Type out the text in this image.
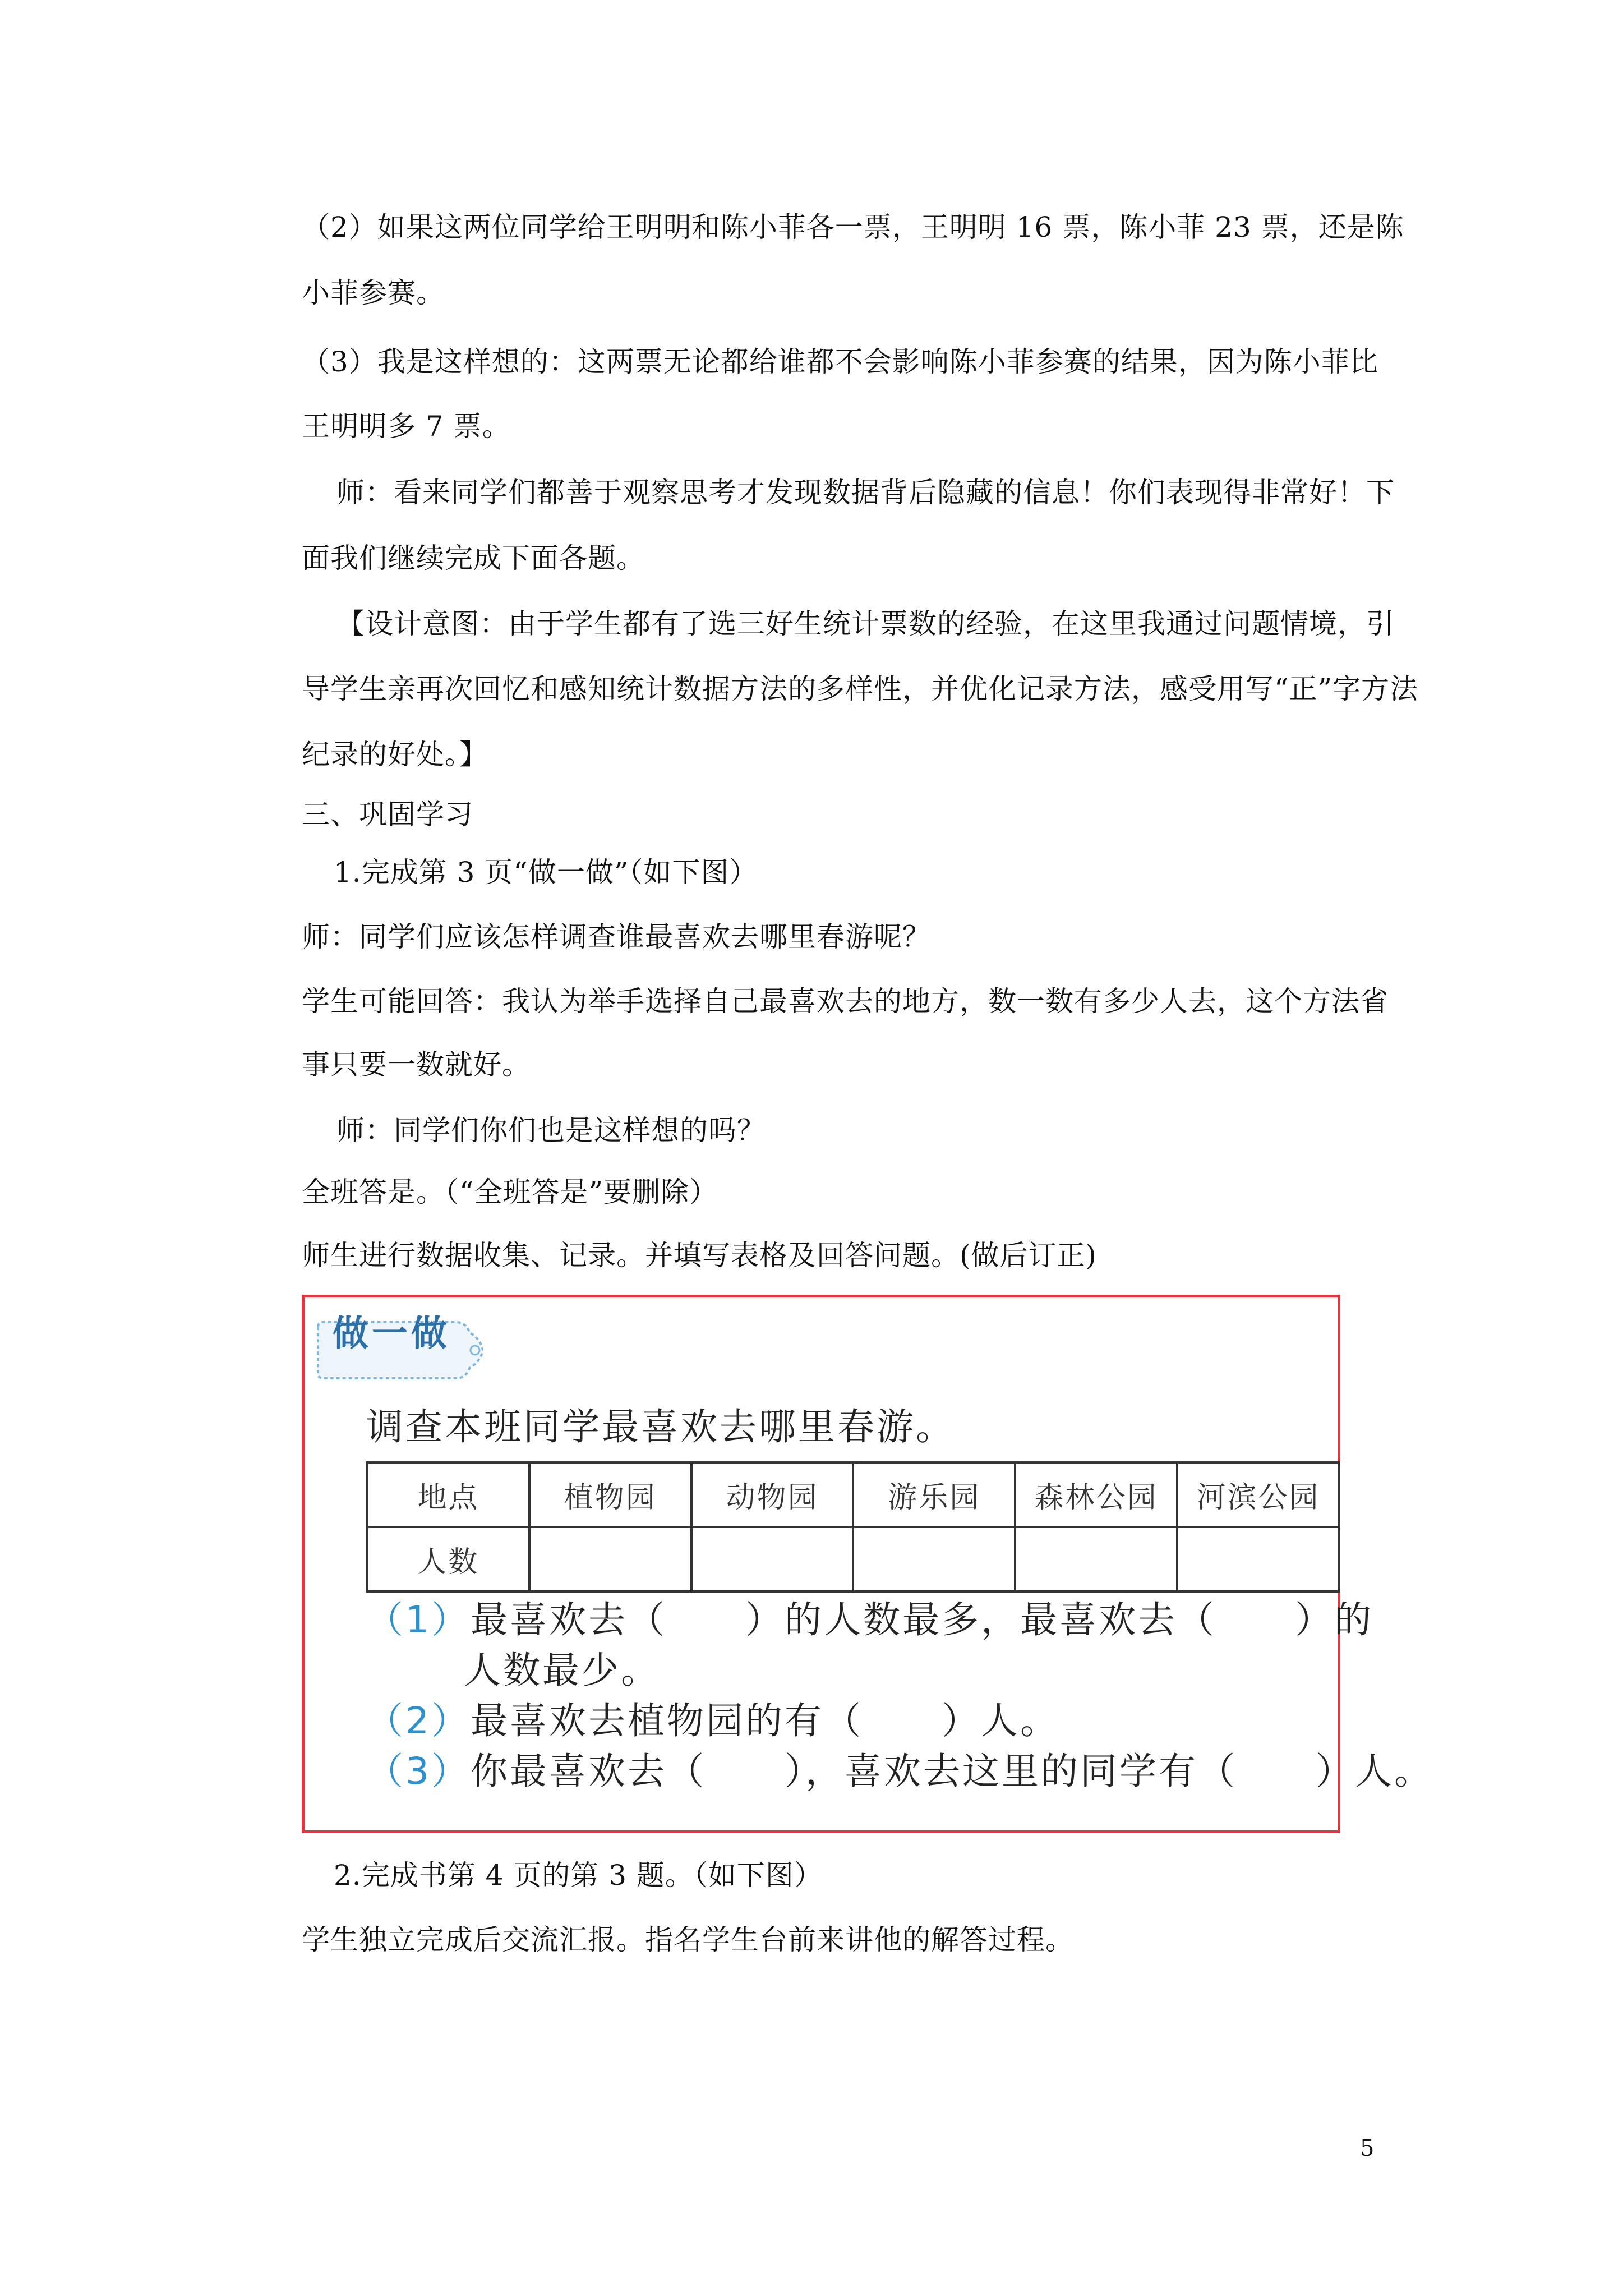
（2）如果这两位同学给王明明和陈小菲各一票，王明明 16 票，陈小菲 23 票，还是陈
小菲参赛。
（3）我是这样想的：这两票无论都给谁都不会影响陈小菲参赛的结果，因为陈小菲比
王明明多 7 票。
师：看来同学们都善于观察思考才发现数据背后隐藏的信息！你们表现得非常好！下
面我们继续完成下面各题。
【设计意图：由于学生都有了选三好生统计票数的经验，在这里我通过问题情境，引
导学生亲再次回忆和感知统计数据方法的多样性，并优化记录方法，感受用写“正”字方法
纪录的好处。】
三、巩固学习
1.完成第 3 页“做一做”（如下图）
师：同学们应该怎样调查谁最喜欢去哪里春游呢？
学生可能回答：我认为举手选择自己最喜欢去的地方，数一数有多少人去，这个方法省
事只要一数就好。
师：同学们你们也是这样想的吗？
全班答是。（“全班答是”要删除）
师生进行数据收集、记录。并填写表格及回答问题。(做后订正)
做一做
调查本班同学最喜欢去哪里春游。
地点	植物园	动物园	游乐园	森林公园	河滨公园
人数					
（1）最喜欢去（　　）的人数最多，最喜欢去（　　）的
人数最少。
（2）最喜欢去植物园的有（　　）人。
（3）你最喜欢去（　　），喜欢去这里的同学有（　　）人。
2.完成书第 4 页的第 3 题。（如下图）
学生独立完成后交流汇报。指名学生台前来讲他的解答过程。
5
